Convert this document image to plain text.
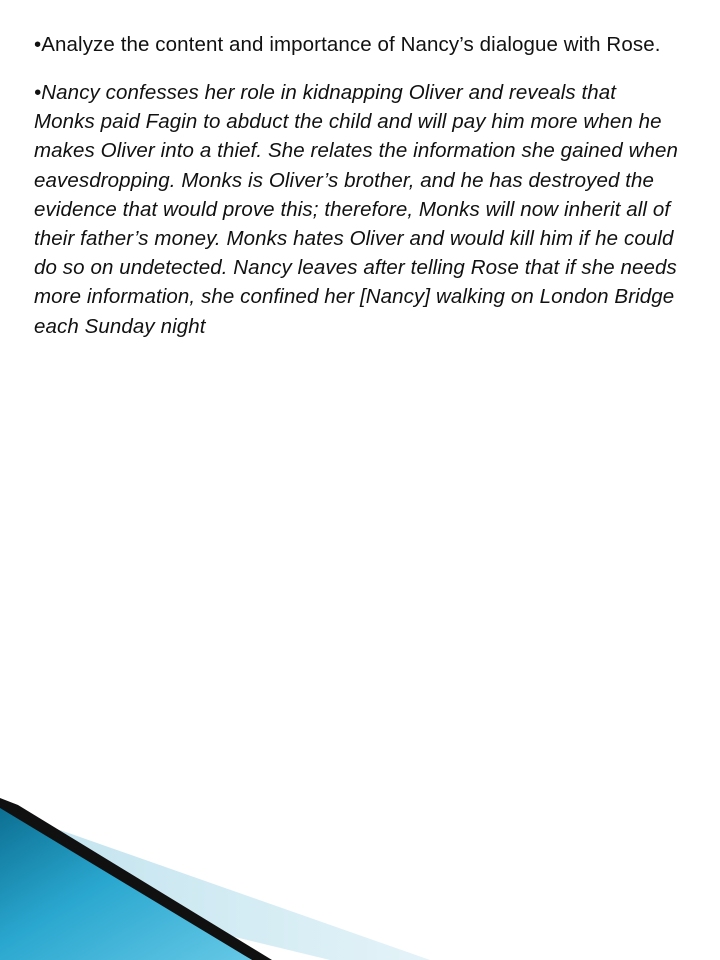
•Analyze the content and importance of Nancy’s dialogue with Rose.

•Nancy confesses her role in kidnapping Oliver and reveals that Monks paid Fagin to abduct the child and will pay him more when he makes Oliver into a thief. She relates the information she gained when eavesdropping. Monks is Oliver’s brother, and he has destroyed the evidence that would prove this; therefore, Monks will now inherit all of their father’s money. Monks hates Oliver and would kill him if he could do so on undetected. Nancy leaves after telling Rose that if she needs more information, she confined her [Nancy] walking on London Bridge each Sunday night
